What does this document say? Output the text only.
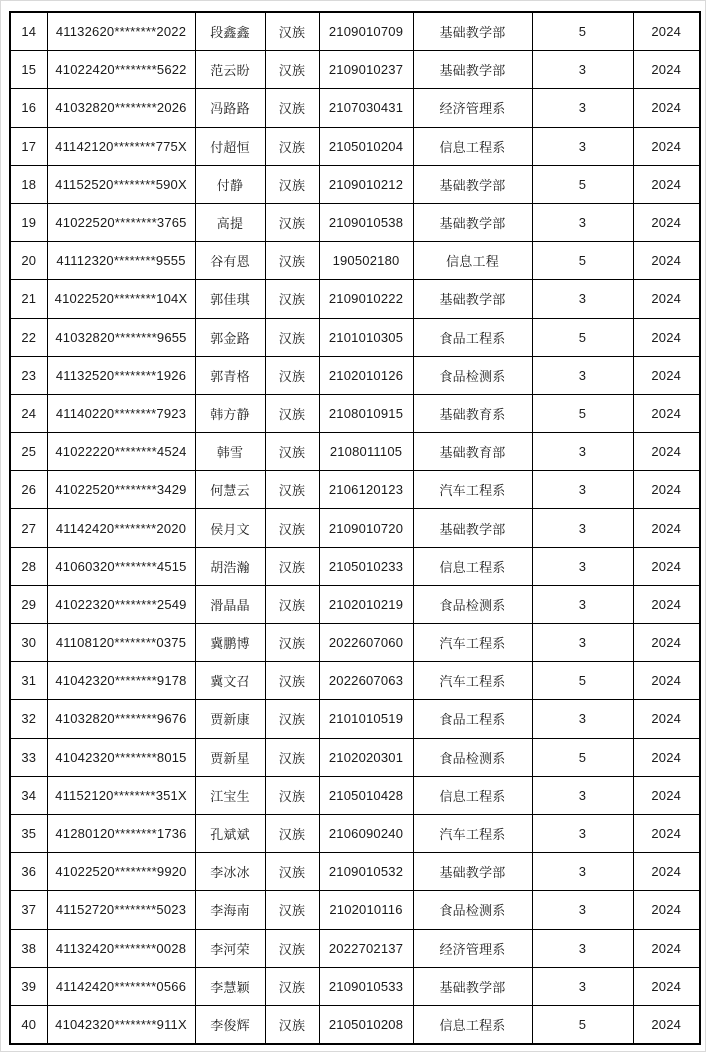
14	41132620********2022	段鑫鑫	汉族	2109010709	基础教学部	5	2024
15	41022420********5622	范云盼	汉族	2109010237	基础教学部	3	2024
16	41032820********2026	冯路路	汉族	2107030431	经济管理系	3	2024
17	41142120********775X	付超恒	汉族	2105010204	信息工程系	3	2024
18	41152520********590X	付静	汉族	2109010212	基础教学部	5	2024
19	41022520********3765	高提	汉族	2109010538	基础教学部	3	2024
20	41112320********9555	谷有恩	汉族	190502180	信息工程	5	2024
21	41022520********104X	郭佳琪	汉族	2109010222	基础教学部	3	2024
22	41032820********9655	郭金路	汉族	2101010305	食品工程系	5	2024
23	41132520********1926	郭青格	汉族	2102010126	食品检测系	3	2024
24	41140220********7923	韩方静	汉族	2108010915	基础教育系	5	2024
25	41022220********4524	韩雪	汉族	2108011105	基础教育部	3	2024
26	41022520********3429	何慧云	汉族	2106120123	汽车工程系	3	2024
27	41142420********2020	侯月文	汉族	2109010720	基础教学部	3	2024
28	41060320********4515	胡浩瀚	汉族	2105010233	信息工程系	3	2024
29	41022320********2549	滑晶晶	汉族	2102010219	食品检测系	3	2024
30	41108120********0375	冀鹏博	汉族	2022607060	汽车工程系	3	2024
31	41042320********9178	冀文召	汉族	2022607063	汽车工程系	5	2024
32	41032820********9676	贾新康	汉族	2101010519	食品工程系	3	2024
33	41042320********8015	贾新星	汉族	2102020301	食品检测系	5	2024
34	41152120********351X	江宝生	汉族	2105010428	信息工程系	3	2024
35	41280120********1736	孔斌斌	汉族	2106090240	汽车工程系	3	2024
36	41022520********9920	李冰冰	汉族	2109010532	基础教学部	3	2024
37	41152720********5023	李海南	汉族	2102010116	食品检测系	3	2024
38	41132420********0028	李河荣	汉族	2022702137	经济管理系	3	2024
39	41142420********0566	李慧颖	汉族	2109010533	基础教学部	3	2024
40	41042320********911X	李俊辉	汉族	2105010208	信息工程系	5	2024
